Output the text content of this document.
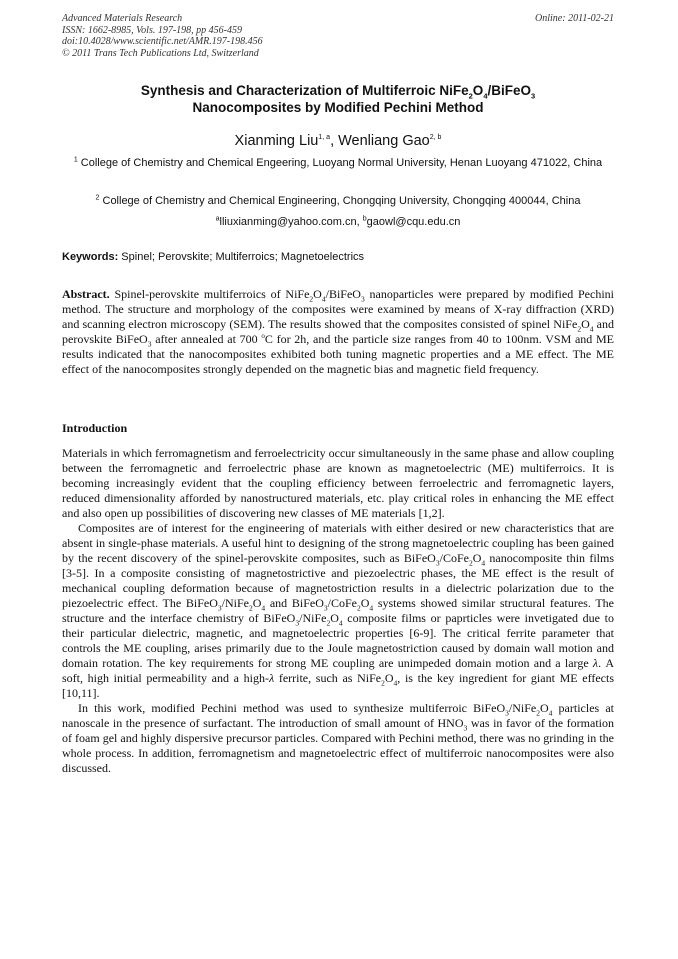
Advanced Materials Research
ISSN: 1662-8985, Vols. 197-198, pp 456-459
doi:10.4028/www.scientific.net/AMR.197-198.456
© 2011 Trans Tech Publications Ltd, Switzerland
Online: 2011-02-21
Synthesis and Characterization of Multiferroic $NiFe_2O_4/BiFeO_3$
Nanocomposites by Modified Pechini Method
Xianming Liu$^{1, a}$, Wenliang Gao$^{2, b}$
$^1$ College of Chemistry and Chemical Engeering, Luoyang Normal University, Henan Luoyang 471022, China
$^2$ College of Chemistry and Chemical Engineering, Chongqing University, Chongqing 400044, China
$^a$lliuxianming@yahoo.com.cn, $^b$gaowl@cqu.edu.cn
Keywords: Spinel; Perovskite; Multiferroics; Magnetoelectrics
Abstract. Spinel-perovskite multiferroics of $NiFe_2O_4/BiFeO_3$ nanoparticles were prepared by modified Pechini method. The structure and morphology of the composites were examined by means of X-ray diffraction (XRD) and scanning electron microscopy (SEM). The results showed that the composites consisted of spinel $NiFe_2O_4$ and perovskite BiFeO$_3$ after annealed at 700 $^o$C for 2h, and the particle size ranges from 40 to 100nm. VSM and ME results indicated that the nanocomposites exhibited both tuning magnetic properties and a ME effect. The ME effect of the nanocomposites strongly depended on the magnetic bias and magnetic field frequency.
Introduction

Materials in which ferromagnetism and ferroelectricity occur simultaneously in the same phase and allow coupling between the ferromagnetic and ferroelectric phase are known as magnetoelectric (ME) multiferroics. It is becoming increasingly evident that the coupling efficiency between ferroelectric and ferromagnetic layers, reduced dimensionality afforded by nanostructured materials, etc. play critical roles in enhancing the ME effect and also open up possibilities of discovering new classes of ME materials [1,2].

Composites are of interest for the engineering of materials with either desired or new characteristics that are absent in single-phase materials. A useful hint to designing of the strong magnetoelectric coupling has been gained by the recent discovery of the spinel-perovskite composites, such as $BiFeO_3/CoFe_2O_4$ nanocomposite thin films [3-5]. In a composite consisting of magnetostrictive and piezoelectric phases, the ME effect is the result of mechanical coupling deformation because of magnetostriction results in a dielectric polarization due to the piezoelectric effect. The $BiFeO_3/NiFe_2O_4$ and $BiFeO_3/CoFe_2O_4$ systems showed similar structural features. The structure and the interface chemistry of $BiFeO_3/NiFe_2O_4$ composite films or paprticles were invetigated due to their particular dielectric, magnetic, and magnetoelectric properties [6-9]. The critical ferrite parameter that controls the ME coupling, arises primarily due to the Joule magnetostriction caused by domain wall motion and domain rotation. The key requirements for strong ME coupling are unimpeded domain motion and a large λ. A soft, high initial permeability and a high-λ ferrite, such as $NiFe_2O_4$, is the key ingredient for giant ME effects [10,11].

In this work, modified Pechini method was used to synthesize multiferroic $BiFeO_3/NiFe_2O_4$ particles at nanoscale in the presence of surfactant. The introduction of small amount of $HNO_3$ was in favor of the formation of foam gel and highly dispersive precursor particles. Compared with Pechini method, there was no grinding in the whole process. In addition, ferromagnetism and magnetoelectric effect of multiferroic nanocomposites were also discussed.
